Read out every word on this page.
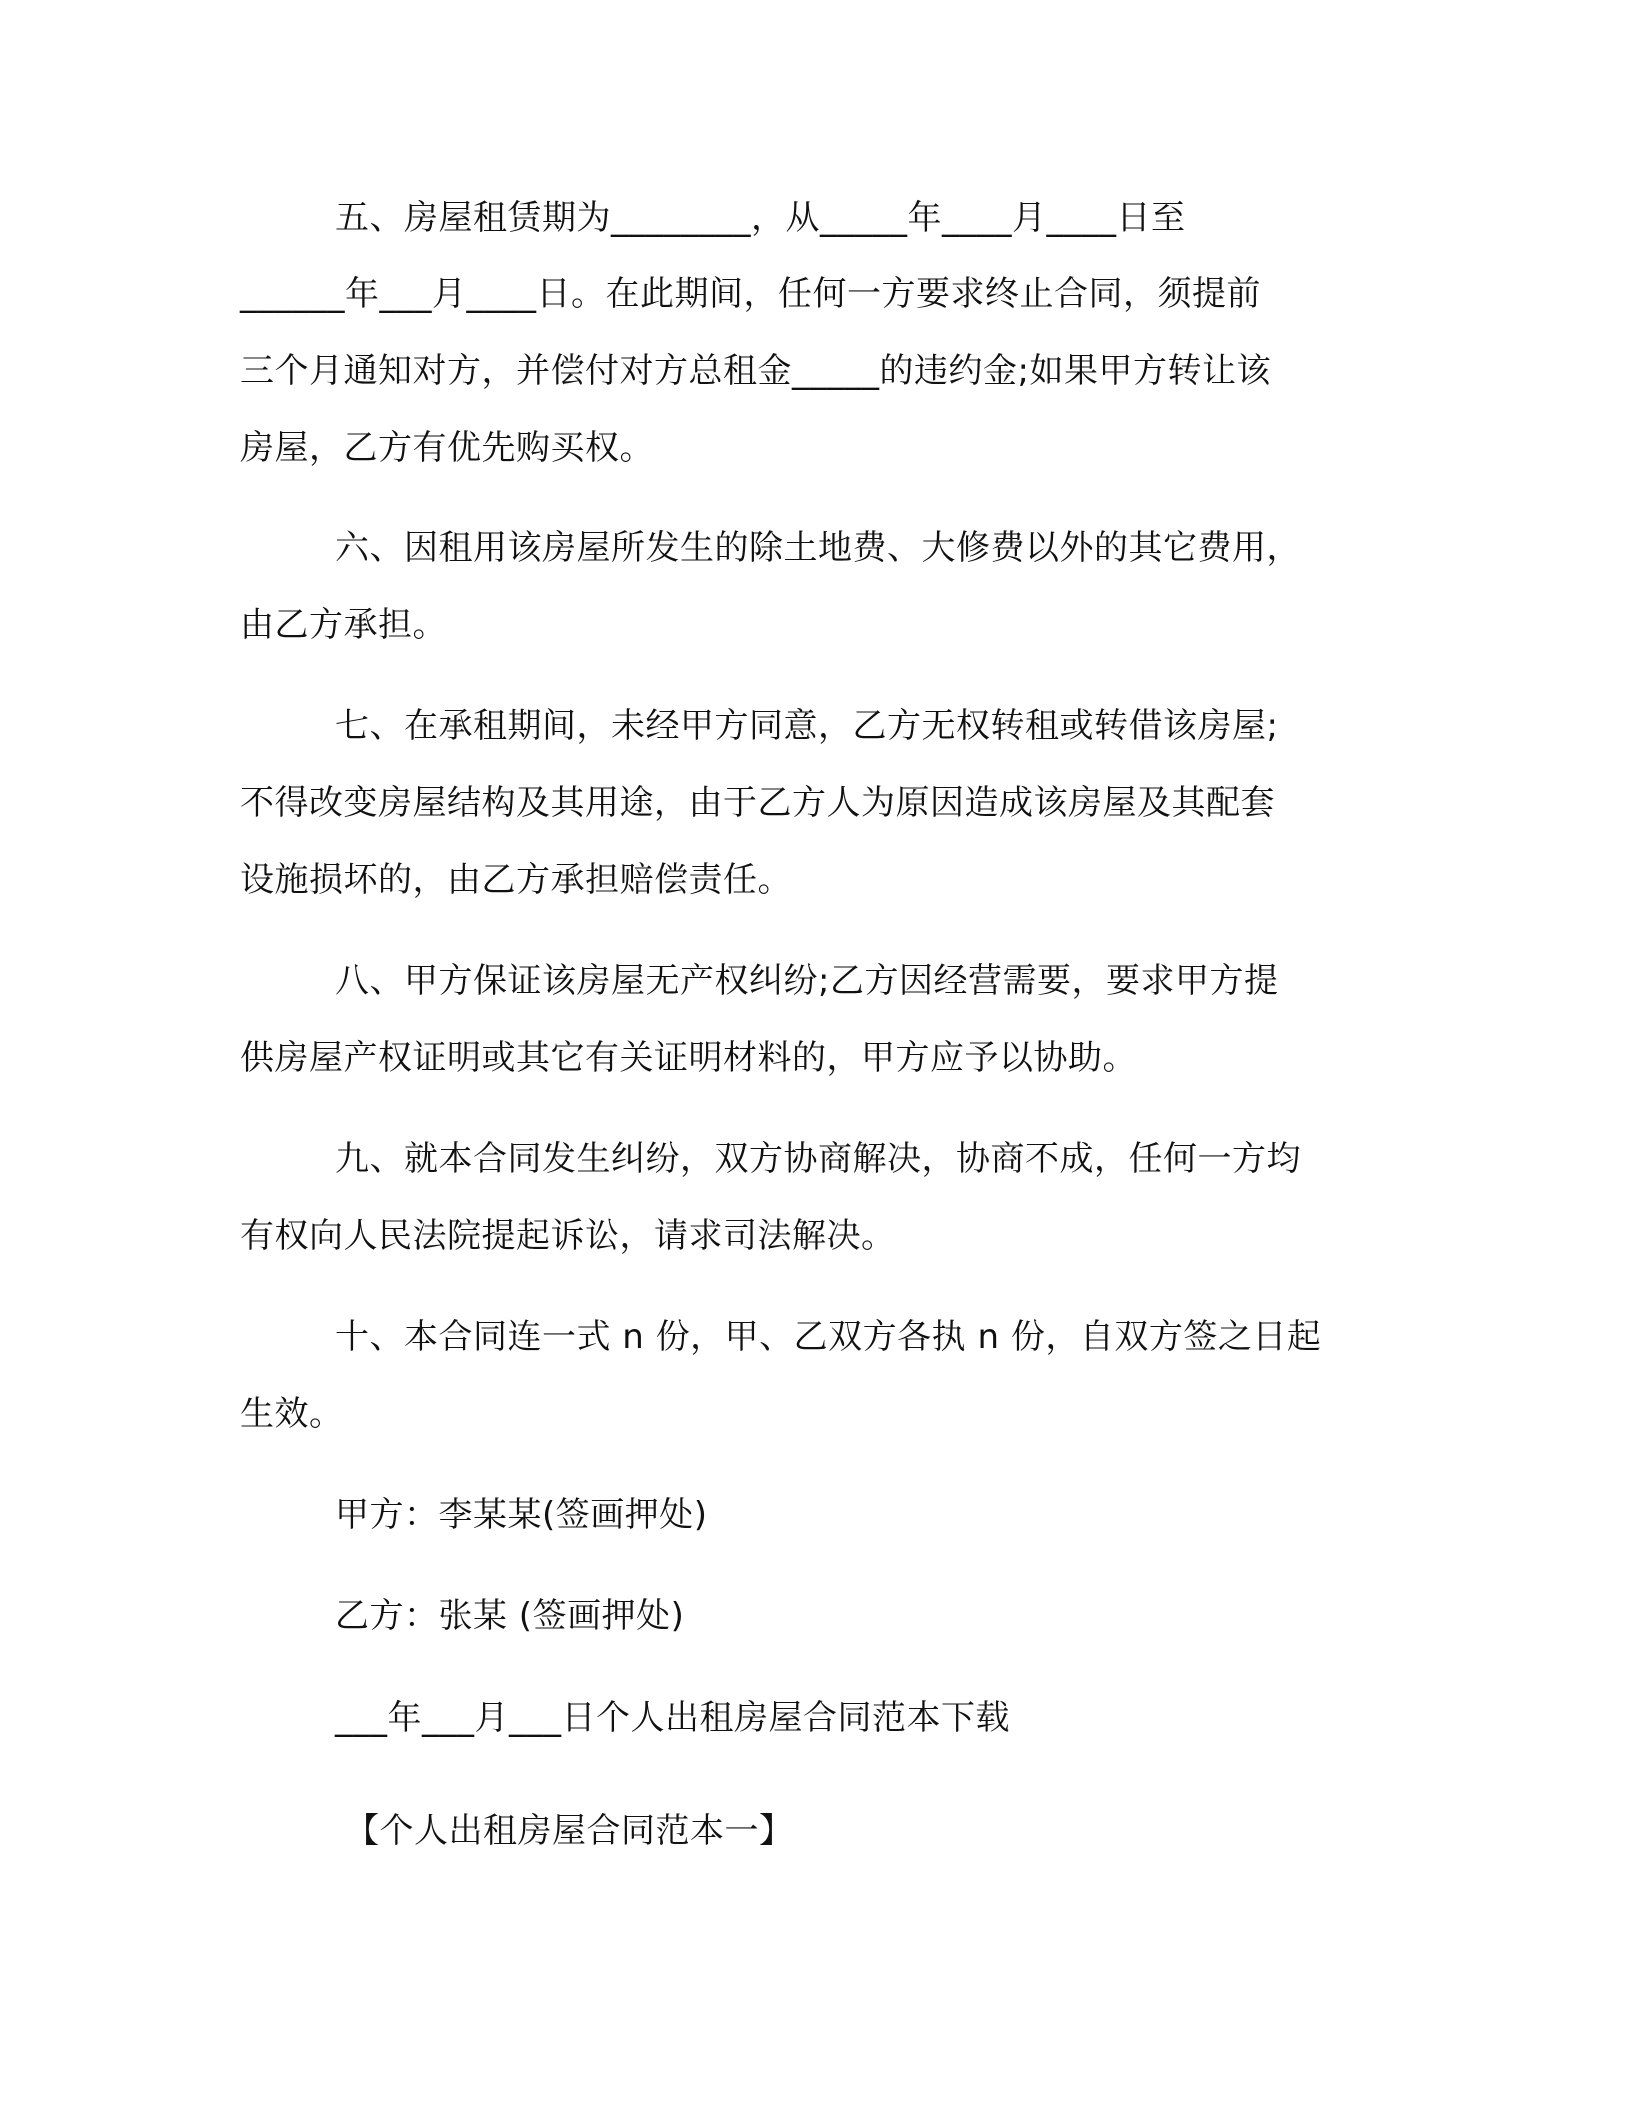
五、房屋租赁期为________，从_____年____月____日至
______年___月____日。在此期间，任何一方要求终止合同，须提前
三个月通知对方，并偿付对方总租金_____的违约金;如果甲方转让该
房屋，乙方有优先购买权。
六、因租用该房屋所发生的除土地费、大修费以外的其它费用，
由乙方承担。
七、在承租期间，未经甲方同意，乙方无权转租或转借该房屋;
不得改变房屋结构及其用途，由于乙方人为原因造成该房屋及其配套
设施损坏的，由乙方承担赔偿责任。
八、甲方保证该房屋无产权纠纷;乙方因经营需要，要求甲方提
供房屋产权证明或其它有关证明材料的，甲方应予以协助。
九、就本合同发生纠纷，双方协商解决，协商不成，任何一方均
有权向人民法院提起诉讼，请求司法解决。
十、本合同连一式 n 份，甲、乙双方各执 n 份，自双方签之日起
生效。
甲方：李某某(签画押处)
乙方：张某 (签画押处)
___年___月___日个人出租房屋合同范本下载
【个人出租房屋合同范本一】
